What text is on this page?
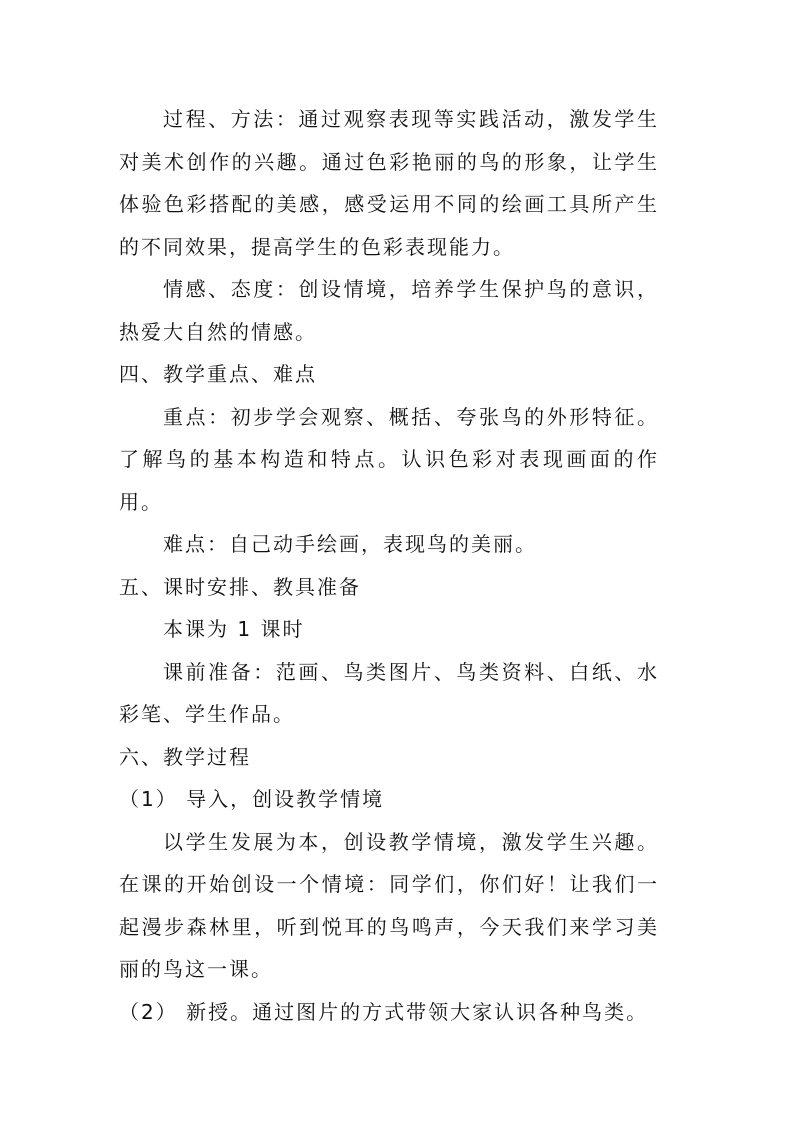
过程、方法：通过观察表现等实践活动，激发学生对美术创作的兴趣。通过色彩艳丽的鸟的形象，让学生体验色彩搭配的美感，感受运用不同的绘画工具所产生的不同效果，提高学生的色彩表现能力。

情感、态度：创设情境，培养学生保护鸟的意识，热爱大自然的情感。

四、教学重点、难点

重点：初步学会观察、概括、夸张鸟的外形特征。了解鸟的基本构造和特点。认识色彩对表现画面的作用。

难点：自己动手绘画，表现鸟的美丽。

五、课时安排、教具准备

本课为 1 课时

课前准备：范画、鸟类图片、鸟类资料、白纸、水彩笔、学生作品。

六、教学过程

（1） 导入，创设教学情境

以学生发展为本，创设教学情境，激发学生兴趣。在课的开始创设一个情境：同学们，你们好！让我们一起漫步森林里，听到悦耳的鸟鸣声，今天我们来学习美丽的鸟这一课。

（2） 新授。通过图片的方式带领大家认识各种鸟类。
